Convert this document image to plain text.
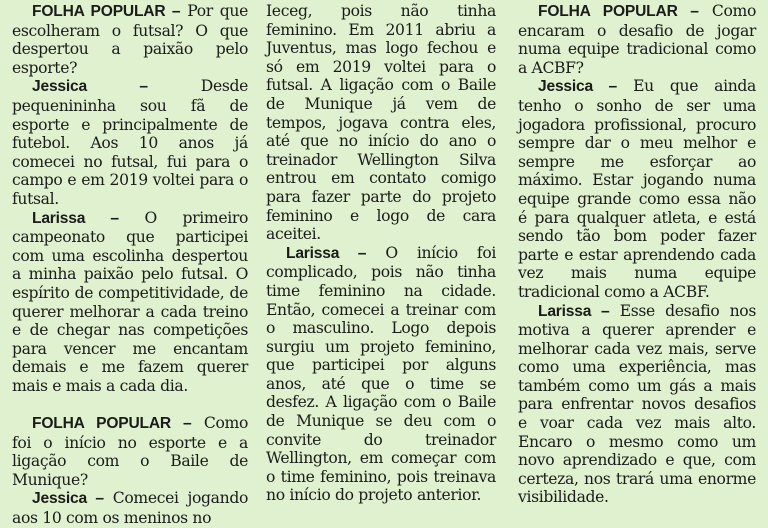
FOLHA POPULAR – Por que escolheram o futsal? O que despertou a paixão pelo esporte?

Jessica – Desde pequenininha sou fã de esporte e principalmente de futebol. Aos 10 anos já comecei no futsal, fui para o campo e em 2019 voltei para o futsal.

Larissa – O primeiro campeonato que participei com uma escolinha despertou a minha paixão pelo futsal. O espírito de competitividade, de querer melhorar a cada treino e de chegar nas competições para vencer me encantam demais e me fazem querer mais e mais a cada dia.

FOLHA POPULAR – Como foi o início no esporte e a ligação com o Baile de Munique?

Jessica – Comecei jogando aos 10 com os meninos no

Ieceg, pois não tinha feminino. Em 2011 abriu a Juventus, mas logo fechou e só em 2019 voltei para o futsal. A ligação com o Baile de Munique já vem de tempos, jogava contra eles, até que no início do ano o treinador Wellington Silva entrou em contato comigo para fazer parte do projeto feminino e logo de cara aceitei.

Larissa – O início foi complicado, pois não tinha time feminino na cidade. Então, comecei a treinar com o masculino. Logo depois surgiu um projeto feminino, que participei por alguns anos, até que o time se desfez. A ligação com o Baile de Munique se deu com o convite do treinador Wellington, em começar com o time feminino, pois treinava no início do projeto anterior.

FOLHA POPULAR – Como encaram o desafio de jogar numa equipe tradicional como a ACBF?

Jessica – Eu que ainda tenho o sonho de ser uma jogadora profissional, procuro sempre dar o meu melhor e sempre me esforçar ao máximo. Estar jogando numa equipe grande como essa não é para qualquer atleta, e está sendo tão bom poder fazer parte e estar aprendendo cada vez mais numa equipe tradicional como a ACBF.

Larissa – Esse desafio nos motiva a querer aprender e melhorar cada vez mais, serve como uma experiência, mas também como um gás a mais para enfrentar novos desafios e voar cada vez mais alto. Encaro o mesmo como um novo aprendizado e que, com certeza, nos trará uma enorme visibilidade.
